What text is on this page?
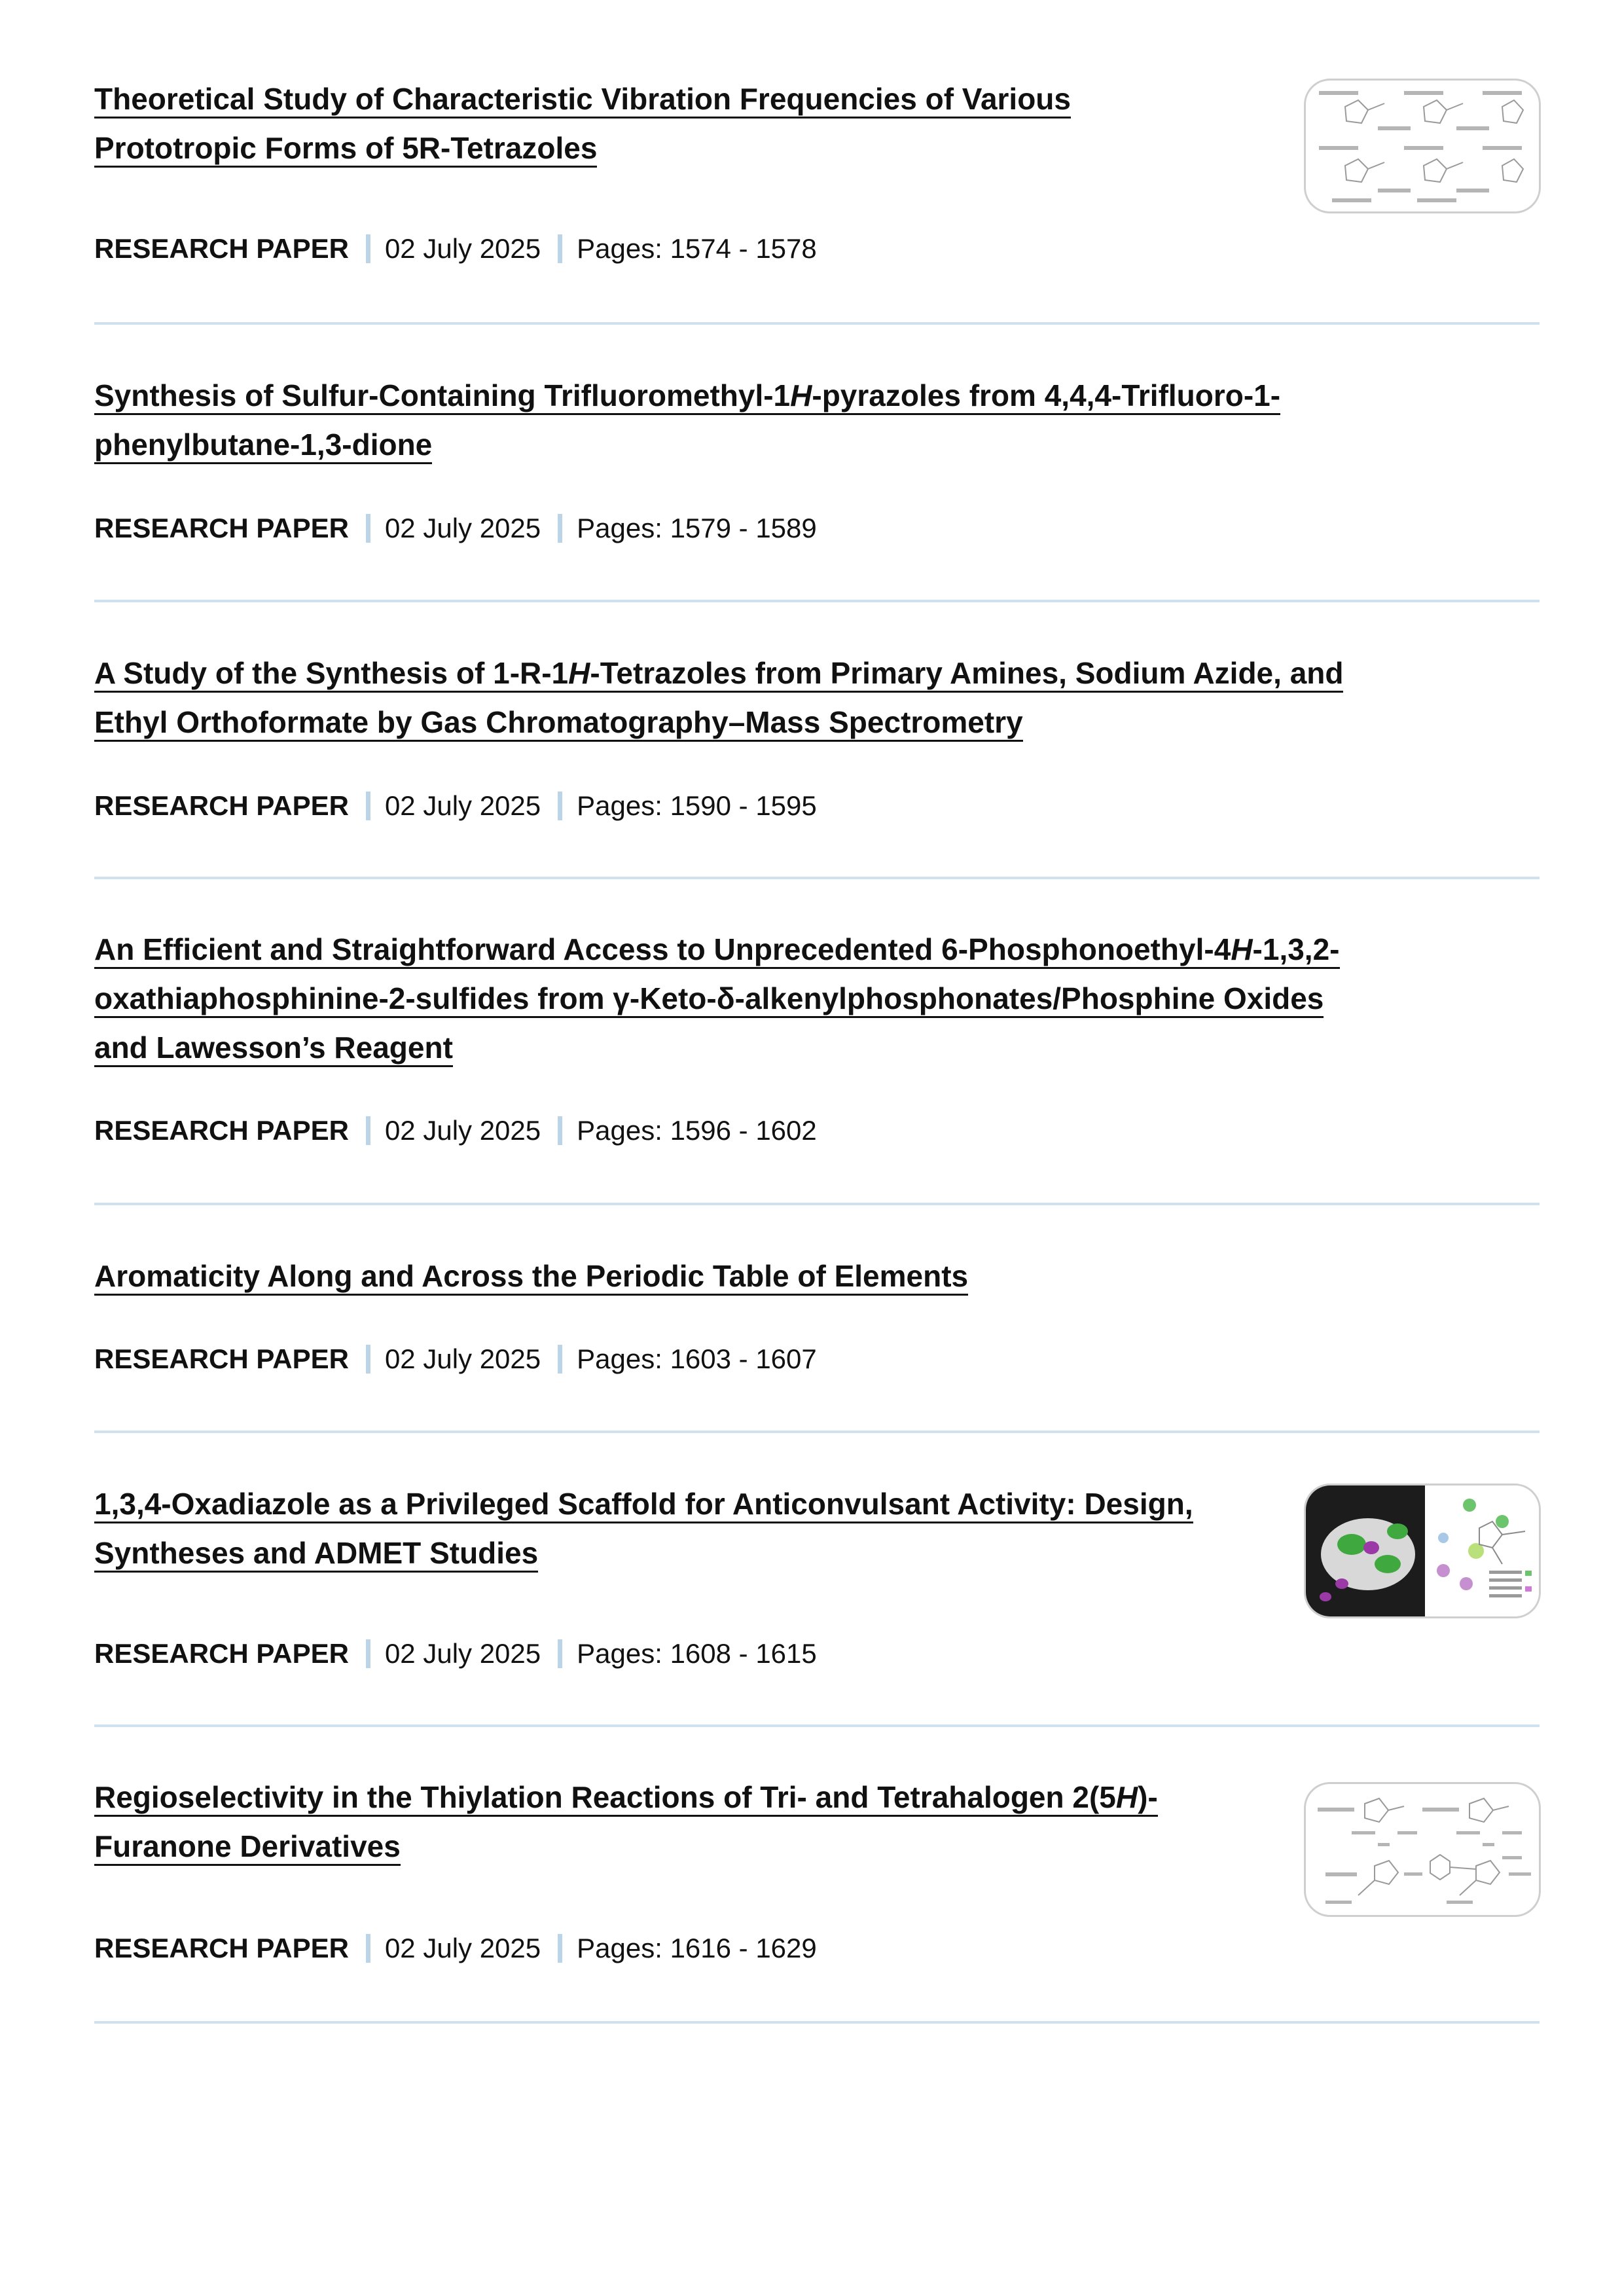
Theoretical Study of Characteristic Vibration Frequencies of Various Prototropic Forms of 5R-Tetrazoles
RESEARCH PAPER 02 July 2025 Pages: 1574 - 1578
Synthesis of Sulfur-Containing Trifluoromethyl-1H-pyrazoles from 4,4,4-Trifluoro-1-phenylbutane-1,3-dione
RESEARCH PAPER 02 July 2025 Pages: 1579 - 1589
A Study of the Synthesis of 1-R-1H-Tetrazoles from Primary Amines, Sodium Azide, and Ethyl Orthoformate by Gas Chromatography–Mass Spectrometry
RESEARCH PAPER 02 July 2025 Pages: 1590 - 1595
An Efficient and Straightforward Access to Unprecedented 6-Phosphonoethyl-4H-1,3,2-oxathiaphosphinine-2-sulfides from γ-Keto-δ-alkenylphosphonates/Phosphine Oxides and Lawesson’s Reagent
RESEARCH PAPER 02 July 2025 Pages: 1596 - 1602
Aromaticity Along and Across the Periodic Table of Elements
RESEARCH PAPER 02 July 2025 Pages: 1603 - 1607
1,3,4-Oxadiazole as a Privileged Scaffold for Anticonvulsant Activity: Design, Syntheses and ADMET Studies
RESEARCH PAPER 02 July 2025 Pages: 1608 - 1615
Regioselectivity in the Thiylation Reactions of Tri- and Tetrahalogen 2(5H)-Furanone Derivatives
RESEARCH PAPER 02 July 2025 Pages: 1616 - 1629
